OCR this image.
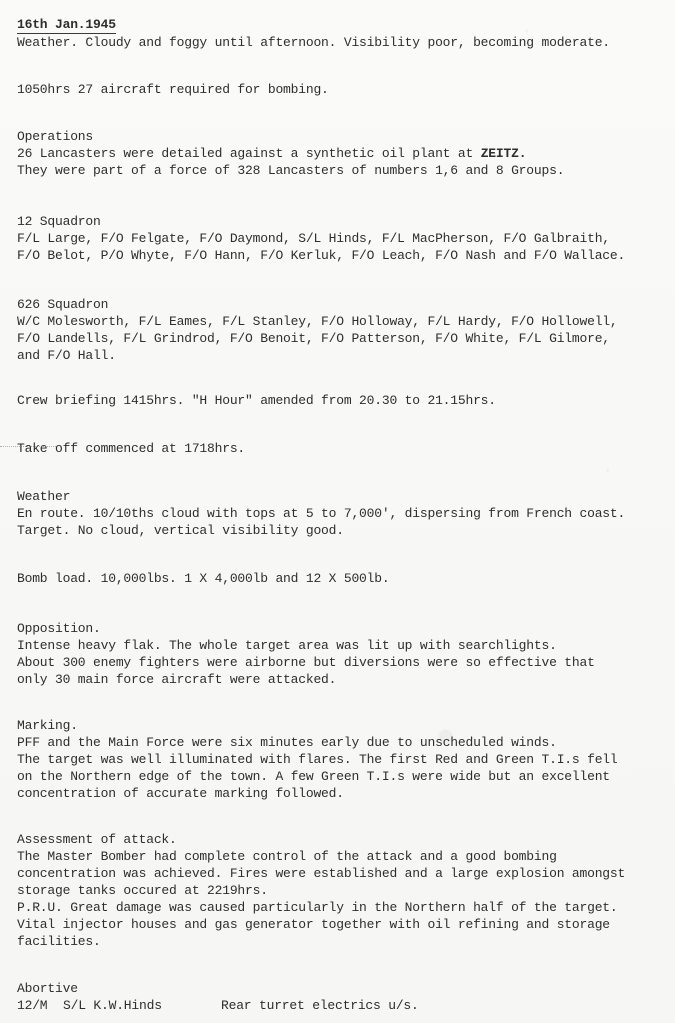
16th Jan.1945
Weather. Cloudy and foggy until afternoon. Visibility poor, becoming moderate.
1050hrs 27 aircraft required for bombing.
Operations
26 Lancasters were detailed against a synthetic oil plant at ZEITZ.
They were part of a force of 328 Lancasters of numbers 1,6 and 8 Groups.
12 Squadron
F/L Large, F/O Felgate, F/O Daymond, S/L Hinds, F/L MacPherson, F/O Galbraith,
F/O Belot, P/O Whyte, F/O Hann, F/O Kerluk, F/O Leach, F/O Nash and F/O Wallace.
626 Squadron
W/C Molesworth, F/L Eames, F/L Stanley, F/O Holloway, F/L Hardy, F/O Hollowell,
F/O Landells, F/L Grindrod, F/O Benoit, F/O Patterson, F/O White, F/L Gilmore,
and F/O Hall.
Crew briefing 1415hrs. "H Hour" amended from 20.30 to 21.15hrs.
Take off commenced at 1718hrs.
Weather
En route. 10/10ths cloud with tops at 5 to 7,000', dispersing from French coast.
Target. No cloud, vertical visibility good.
Bomb load. 10,000lbs. 1 X 4,000lb and 12 X 500lb.
Opposition.
Intense heavy flak. The whole target area was lit up with searchlights.
About 300 enemy fighters were airborne but diversions were so effective that
only 30 main force aircraft were attacked.
Marking.
PFF and the Main Force were six minutes early due to unscheduled winds.
The target was well illuminated with flares. The first Red and Green T.I.s fell
on the Northern edge of the town. A few Green T.I.s were wide but an excellent
concentration of accurate marking followed.
Assessment of attack.
The Master Bomber had complete control of the attack and a good bombing
concentration was achieved. Fires were established and a large explosion amongst
storage tanks occured at 2219hrs.
P.R.U. Great damage was caused particularly in the Northern half of the target.
Vital injector houses and gas generator together with oil refining and storage
facilities.
Abortive
12/M	S/L K.W.Hinds	Rear turret electrics u/s.
